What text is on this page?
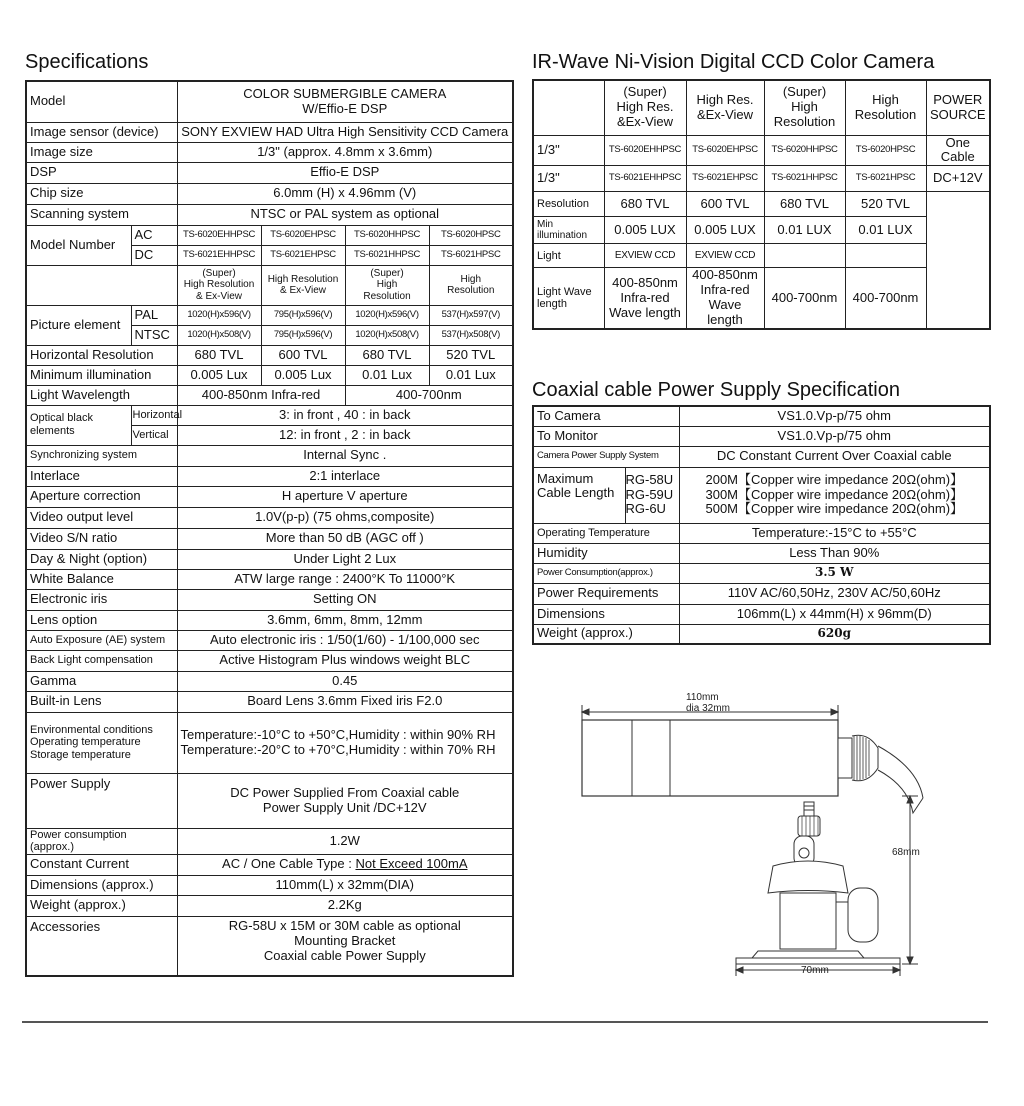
Specifications	IR-Wave Ni-Vision Digital CCD Color Camera
Coaxial cable Power Supply Specification
Model		COLOR SUBMERGIBLE CAMERA
W/Effio-E DSP			
Image sensor (device)		SONY EXVIEW HAD Ultra High Sensitivity CCD Camera			
Image size		1/3" (approx. 4.8mm x 3.6mm)			
DSP		Effio-E DSP			
Chip size		6.0mm (H) x 4.96mm (V)			
Scanning system		NTSC or PAL system as optional			
Model Number	AC	TS-6020EHHPSC	TS-6020EHPSC	TS-6020HHPSC	TS-6020HPSC
	DC	TS-6021EHHPSC	TS-6021EHPSC	TS-6021HHPSC	TS-6021HPSC
		(Super)
High Resolution
& Ex-View	High Resolution
& Ex-View	(Super)
High
Resolution	High
Resolution
Picture element	PAL	1020(H)x596(V)	795(H)x596(V)	1020(H)x596(V)	537(H)x597(V)
	NTSC	1020(H)x508(V)	795(H)x596(V)	1020(H)x508(V)	537(H)x508(V)
Horizontal Resolution		680 TVL	600 TVL	680 TVL	520 TVL
Minimum illumination		0.005 Lux	0.005 Lux	0.01 Lux	0.01 Lux
Light Wavelength		400-850nm Infra-red		400-700nm	
Optical black
elements	Horizontal	3: in front , 40 : in back			
	Vertical	12: in front , 2 : in back			
Synchronizing system		Internal Sync .			
Interlace		2:1 interlace			
Aperture correction		H aperture V aperture			
Video output level		1.0V(p-p) (75 ohms,composite)			
Video S/N ratio		More than 50 dB (AGC off )			
Day & Night (option)		Under Light 2 Lux			
White Balance		ATW large range : 2400°K To 11000°K			
Electronic iris		Setting ON			
Lens option		3.6mm, 6mm, 8mm, 12mm			
Auto Exposure (AE) system		Auto electronic iris : 1/50(1/60) - 1/100,000 sec			
Back Light compensation		Active Histogram Plus windows weight BLC			
Gamma		0.45			
Built-in Lens		Board Lens 3.6mm Fixed iris F2.0			
Environmental conditions
Operating temperature
Storage temperature		Temperature:-10°C to +50°C,Humidity : within 90% RH
Temperature:-20°C to +70°C,Humidity : within 70% RH			
Power Supply		DC Power Supplied From Coaxial cable
Power Supply Unit /DC+12V			
Power consumption (approx.)		1.2W			
Constant Current		AC / One Cable Type : Not Exceed 100mA			
Dimensions (approx.)		110mm(L) x 32mm(DIA)			
Weight (approx.)		2.2Kg			
Accessories		RG-58U x 15M or 30M cable as optional
Mounting Bracket
Coaxial cable Power Supply			
	(Super)
High Res.
&Ex-View	High Res.
&Ex-View	(Super)
High
Resolution	High
Resolution	POWER
SOURCE
1/3"	TS-6020EHHPSC	TS-6020EHPSC	TS-6020HHPSC	TS-6020HPSC	One Cable
1/3"	TS-6021EHHPSC	TS-6021EHPSC	TS-6021HHPSC	TS-6021HPSC	DC+12V
Resolution	680 TVL	600 TVL	680 TVL	520 TVL	
Min
illumination	0.005 LUX	0.005 LUX	0.01 LUX	0.01 LUX	
Light	EXVIEW CCD	EXVIEW CCD			
Light Wave
length	400-850nm
Infra-red
Wave length	400-850nm
Infra-red
Wave length	400-700nm	400-700nm	
To Camera		VS1.0.Vp-p/75 ohm
To Monitor		VS1.0.Vp-p/75 ohm
Camera Power Supply System		DC Constant Current Over Coaxial cable
Maximum
Cable Length	RG-58U
RG-59U
RG-6U	200M【Copper wire impedance 20Ω(ohm)】
300M【Copper wire impedance 20Ω(ohm)】
500M【Copper wire impedance 20Ω(ohm)】
Operating Temperature		Temperature:-15°C to +55°C
Humidity		Less Than 90%
Power Consumption(approx.)		3.5 W
Power Requirements		110V AC/60,50Hz, 230V AC/50,60Hz
Dimensions		106mm(L) x 44mm(H) x 96mm(D)
Weight (approx.)		620g
110mm
dia 32mm
68mm
70mm
